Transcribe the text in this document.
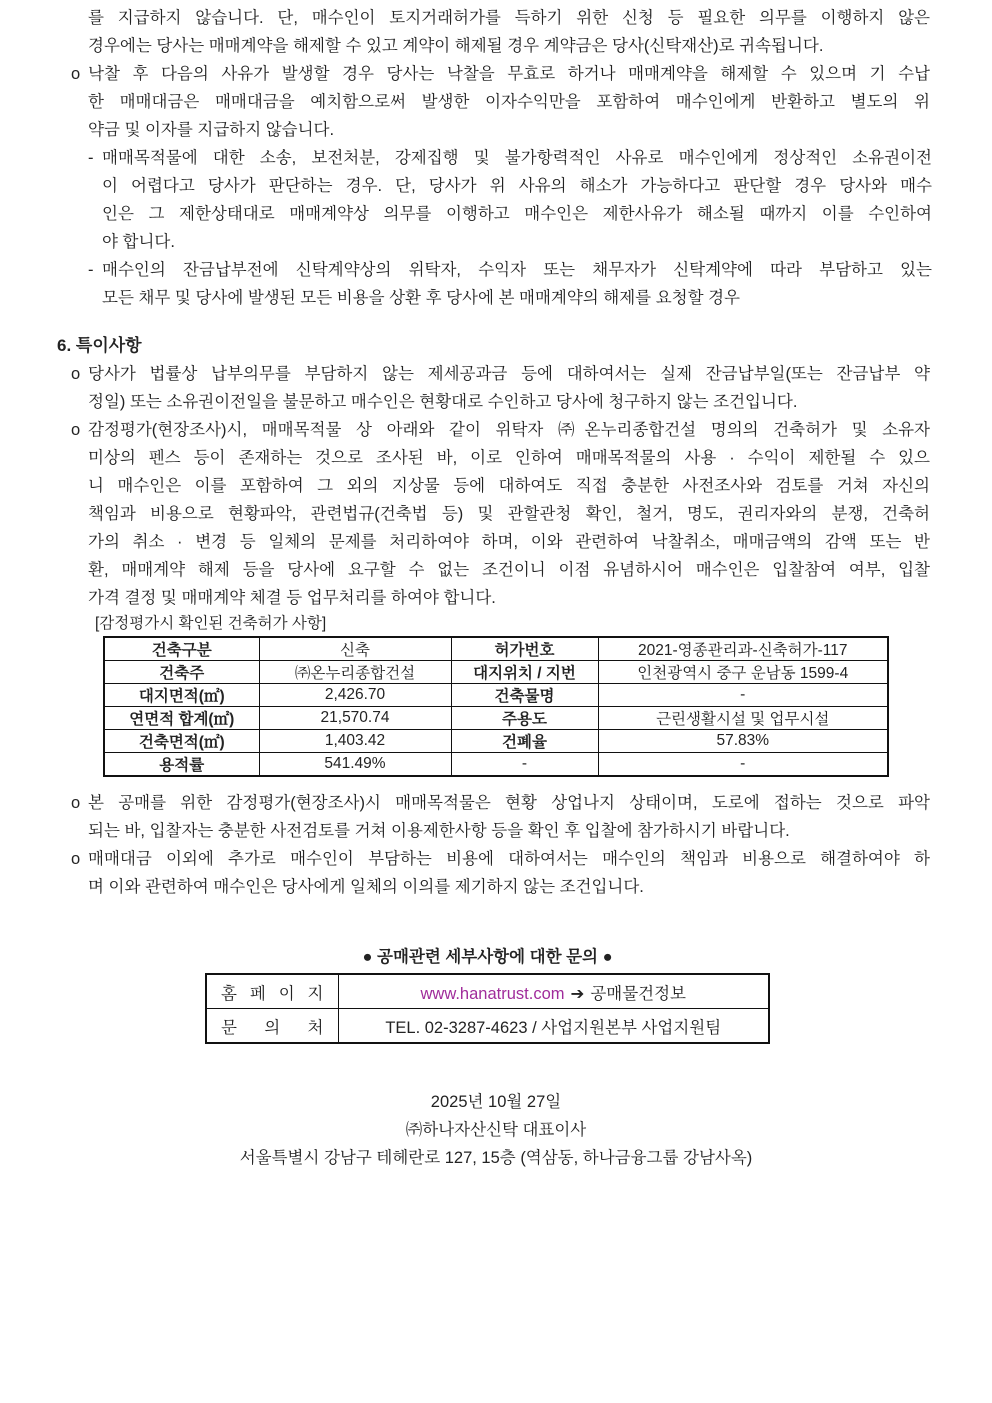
를 지급하지 않습니다. 단, 매수인이 토지거래허가를 득하기 위한 신청 등 필요한 의무를 이행하지 않은
경우에는 당사는 매매계약을 해제할 수 있고 계약이 해제될 경우 계약금은 당사(신탁재산)로 귀속됩니다.
o 낙찰 후 다음의 사유가 발생할 경우 당사는 낙찰을 무효로 하거나 매매계약을 해제할 수 있으며 기 수납
한 매매대금은 매매대금을 예치함으로써 발생한 이자수익만을 포함하여 매수인에게 반환하고 별도의 위
약금 및 이자를 지급하지 않습니다.
- 매매목적물에 대한 소송, 보전처분, 강제집행 및 불가항력적인 사유로 매수인에게 정상적인 소유권이전
이 어렵다고 당사가 판단하는 경우. 단, 당사가 위 사유의 해소가 가능하다고 판단할 경우 당사와 매수
인은 그 제한상태대로 매매계약상 의무를 이행하고 매수인은 제한사유가 해소될 때까지 이를 수인하여
야 합니다.
- 매수인의 잔금납부전에 신탁계약상의 위탁자, 수익자 또는 채무자가 신탁계약에 따라 부담하고 있는
모든 채무 및 당사에 발생된 모든 비용을 상환 후 당사에 본 매매계약의 해제를 요청할 경우
6. 특이사항
o 당사가 법률상 납부의무를 부담하지 않는 제세공과금 등에 대하여서는 실제 잔금납부일(또는 잔금납부 약
정일) 또는 소유권이전일을 불문하고 매수인은 현황대로 수인하고 당사에 청구하지 않는 조건입니다.
o 감정평가(현장조사)시, 매매목적물 상 아래와 같이 위탁자 ㈜온누리종합건설 명의의 건축허가 및 소유자
미상의 펜스 등이 존재하는 것으로 조사된 바, 이로 인하여 매매목적물의 사용 · 수익이 제한될 수 있으
니 매수인은 이를 포함하여 그 외의 지상물 등에 대하여도 직접 충분한 사전조사와 검토를 거쳐 자신의
책임과 비용으로 현황파악, 관련법규(건축법 등) 및 관할관청 확인, 철거, 명도, 권리자와의 분쟁, 건축허
가의 취소 · 변경 등 일체의 문제를 처리하여야 하며, 이와 관련하여 낙찰취소, 매매금액의 감액 또는 반
환, 매매계약 해제 등을 당사에 요구할 수 없는 조건이니 이점 유념하시어 매수인은 입찰참여 여부, 입찰
가격 결정 및 매매계약 체결 등 업무처리를 하여야 합니다.
[감정평가시 확인된 건축허가 사항]
건축구분	신축	허가번호	2021-영종관리과-신축허가-117
건축주	㈜온누리종합건설	대지위치 / 지번	인천광역시 중구 운남동 1599-4
대지면적(㎡)	2,426.70	건축물명	-
연면적 합계(㎡)	21,570.74	주용도	근린생활시설 및 업무시설
건축면적(㎡)	1,403.42	건폐율	57.83%
용적률	541.49%	-	-
o 본 공매를 위한 감정평가(현장조사)시 매매목적물은 현황 상업나지 상태이며, 도로에 접하는 것으로 파악
되는 바, 입찰자는 충분한 사전검토를 거쳐 이용제한사항 등을 확인 후 입찰에 참가하시기 바랍니다.
o 매매대금 이외에 추가로 매수인이 부담하는 비용에 대하여서는 매수인의 책임과 비용으로 해결하여야 하
며 이와 관련하여 매수인은 당사에게 일체의 이의를 제기하지 않는 조건입니다.
● 공매관련 세부사항에 대한 문의 ●
홈 페 이 지	www.hanatrust.com ➔ 공매물건정보
문 의 처	TEL. 02-3287-4623 / 사업지원본부 사업지원팀
2025년 10월 27일
㈜하나자산신탁 대표이사
서울특별시 강남구 테헤란로 127, 15층 (역삼동, 하나금융그룹 강남사옥)
